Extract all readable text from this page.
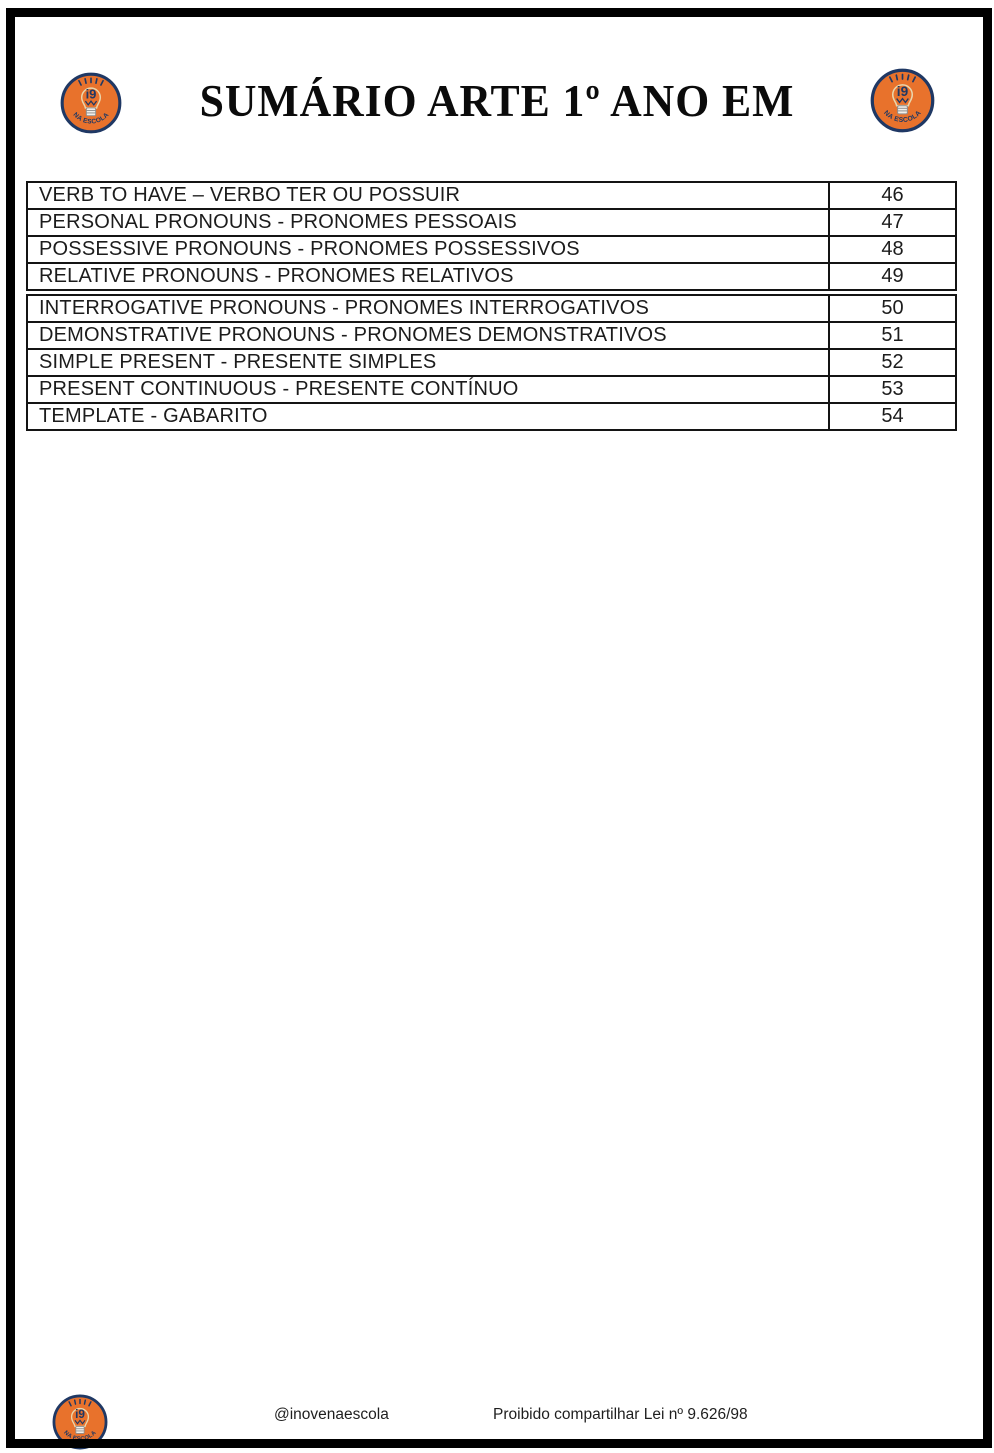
SUMÁRIO ARTE 1º ANO EM
VERB TO HAVE – VERBO TER OU POSSUIR	46
PERSONAL PRONOUNS - PRONOMES PESSOAIS	47
POSSESSIVE PRONOUNS - PRONOMES POSSESSIVOS	48
RELATIVE PRONOUNS - PRONOMES RELATIVOS	49
INTERROGATIVE PRONOUNS - PRONOMES INTERROGATIVOS	50
DEMONSTRATIVE PRONOUNS - PRONOMES DEMONSTRATIVOS	51
SIMPLE PRESENT - PRESENTE SIMPLES	52
PRESENT CONTINUOUS - PRESENTE CONTÍNUO	53
TEMPLATE - GABARITO	54
@inovenaescola	Proibido compartilhar Lei nº 9.626/98
